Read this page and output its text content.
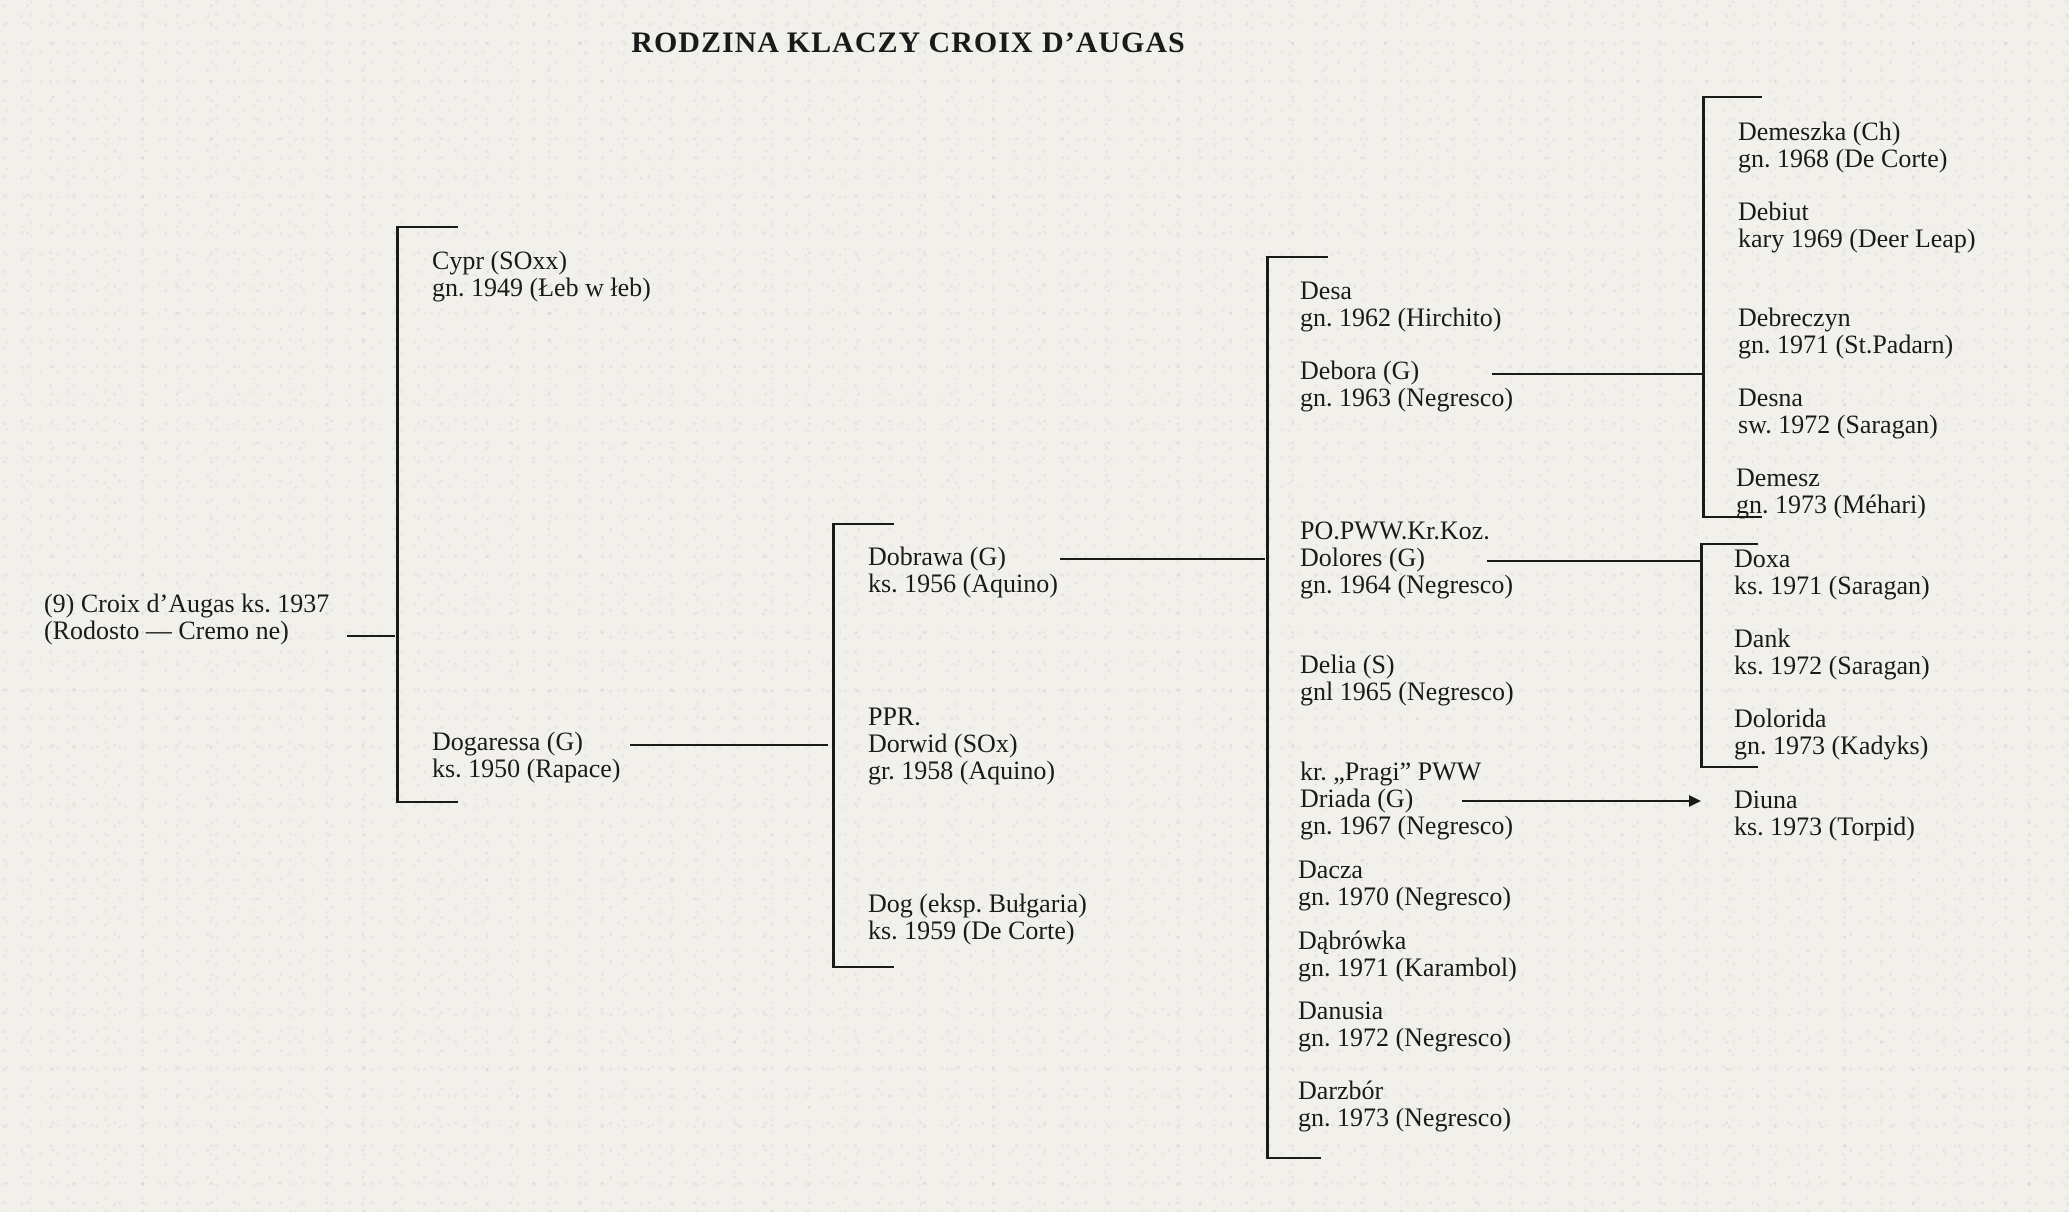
RODZINA KLACZY CROIX D’AUGAS
(9) Croix d’Augas ks. 1937
(Rodosto — Cremo ne)
Cypr (SOxx)
gn. 1949 (Łeb w łeb)
Dogaressa (G)
ks. 1950 (Rapace)
Dobrawa (G)
ks. 1956 (Aquino)
PPR.
Dorwid (SOx)
gr. 1958 (Aquino)
Dog (eksp. Bułgaria)
ks. 1959 (De Corte)
Desa
gn. 1962 (Hirchito)
Debora (G)
gn. 1963 (Negresco)
PO.PWW.Kr.Koz.
Dolores (G)
gn. 1964 (Negresco)
Delia (S)
gnl 1965 (Negresco)
kr. „Pragi” PWW
Driada (G)
gn. 1967 (Negresco)
Dacza
gn. 1970 (Negresco)
Dąbrówka
gn. 1971 (Karambol)
Danusia
gn. 1972 (Negresco)
Darzbór
gn. 1973 (Negresco)
Demeszka (Ch)
gn. 1968 (De Corte)
Debiut
kary 1969 (Deer Leap)
Debreczyn
gn. 1971 (St.Padarn)
Desna
sw. 1972 (Saragan)
Demesz
gn. 1973 (Méhari)
Doxa
ks. 1971 (Saragan)
Dank
ks. 1972 (Saragan)
Dolorida
gn. 1973 (Kadyks)
Diuna
ks. 1973 (Torpid)
